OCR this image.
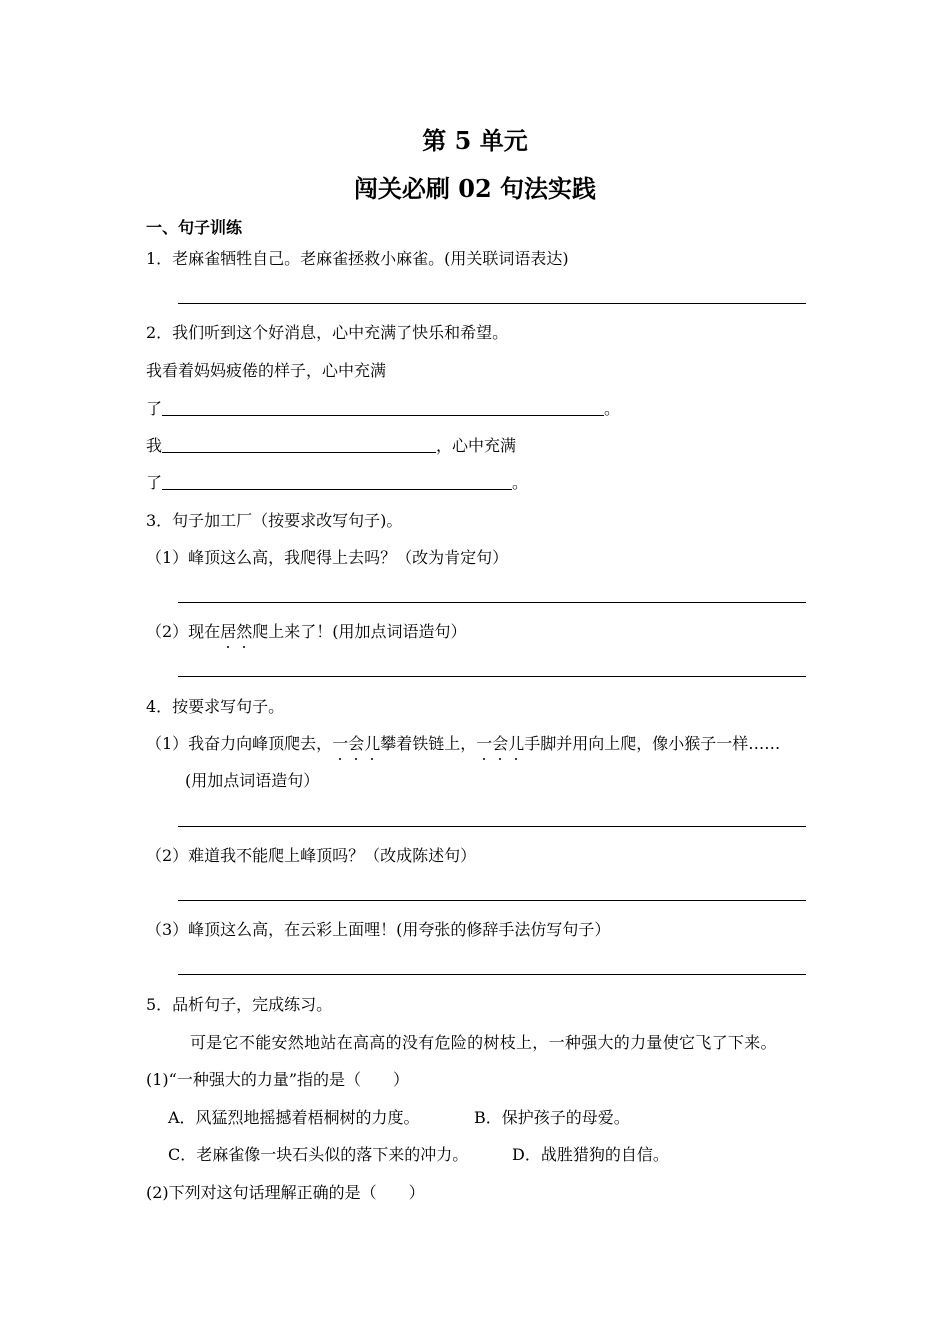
第 5 单元
闯关必刷 02 句法实践
一、句子训练
1．老麻雀牺牲自己。老麻雀拯救小麻雀。(用关联词语表达)
2．我们听到这个好消息，心中充满了快乐和希望。
我看着妈妈疲倦的样子，心中充满
了	。
我	，心中充满
了	。
3．句子加工厂（按要求改写句子)。
（1）峰顶这么高，我爬得上去吗？（改为肯定句）
（2）现在居然爬上来了！(用加点词语造句）
4．按要求写句子。
（1）我奋力向峰顶爬去，一会儿攀着铁链上，一会儿手脚并用向上爬，像小猴子一样……
(用加点词语造句）
（2）难道我不能爬上峰顶吗？（改成陈述句）
（3）峰顶这么高，在云彩上面哩！(用夸张的修辞手法仿写句子）
5．品析句子，完成练习。
可是它不能安然地站在高高的没有危险的树枝上，一种强大的力量使它飞了下来。
(1)“一种强大的力量”指的是（　　）
A．风猛烈地摇撼着梧桐树的力度。	B．保护孩子的母爱。
C．老麻雀像一块石头似的落下来的冲力。	D．战胜猎狗的自信。
(2)下列对这句话理解正确的是（　　）
